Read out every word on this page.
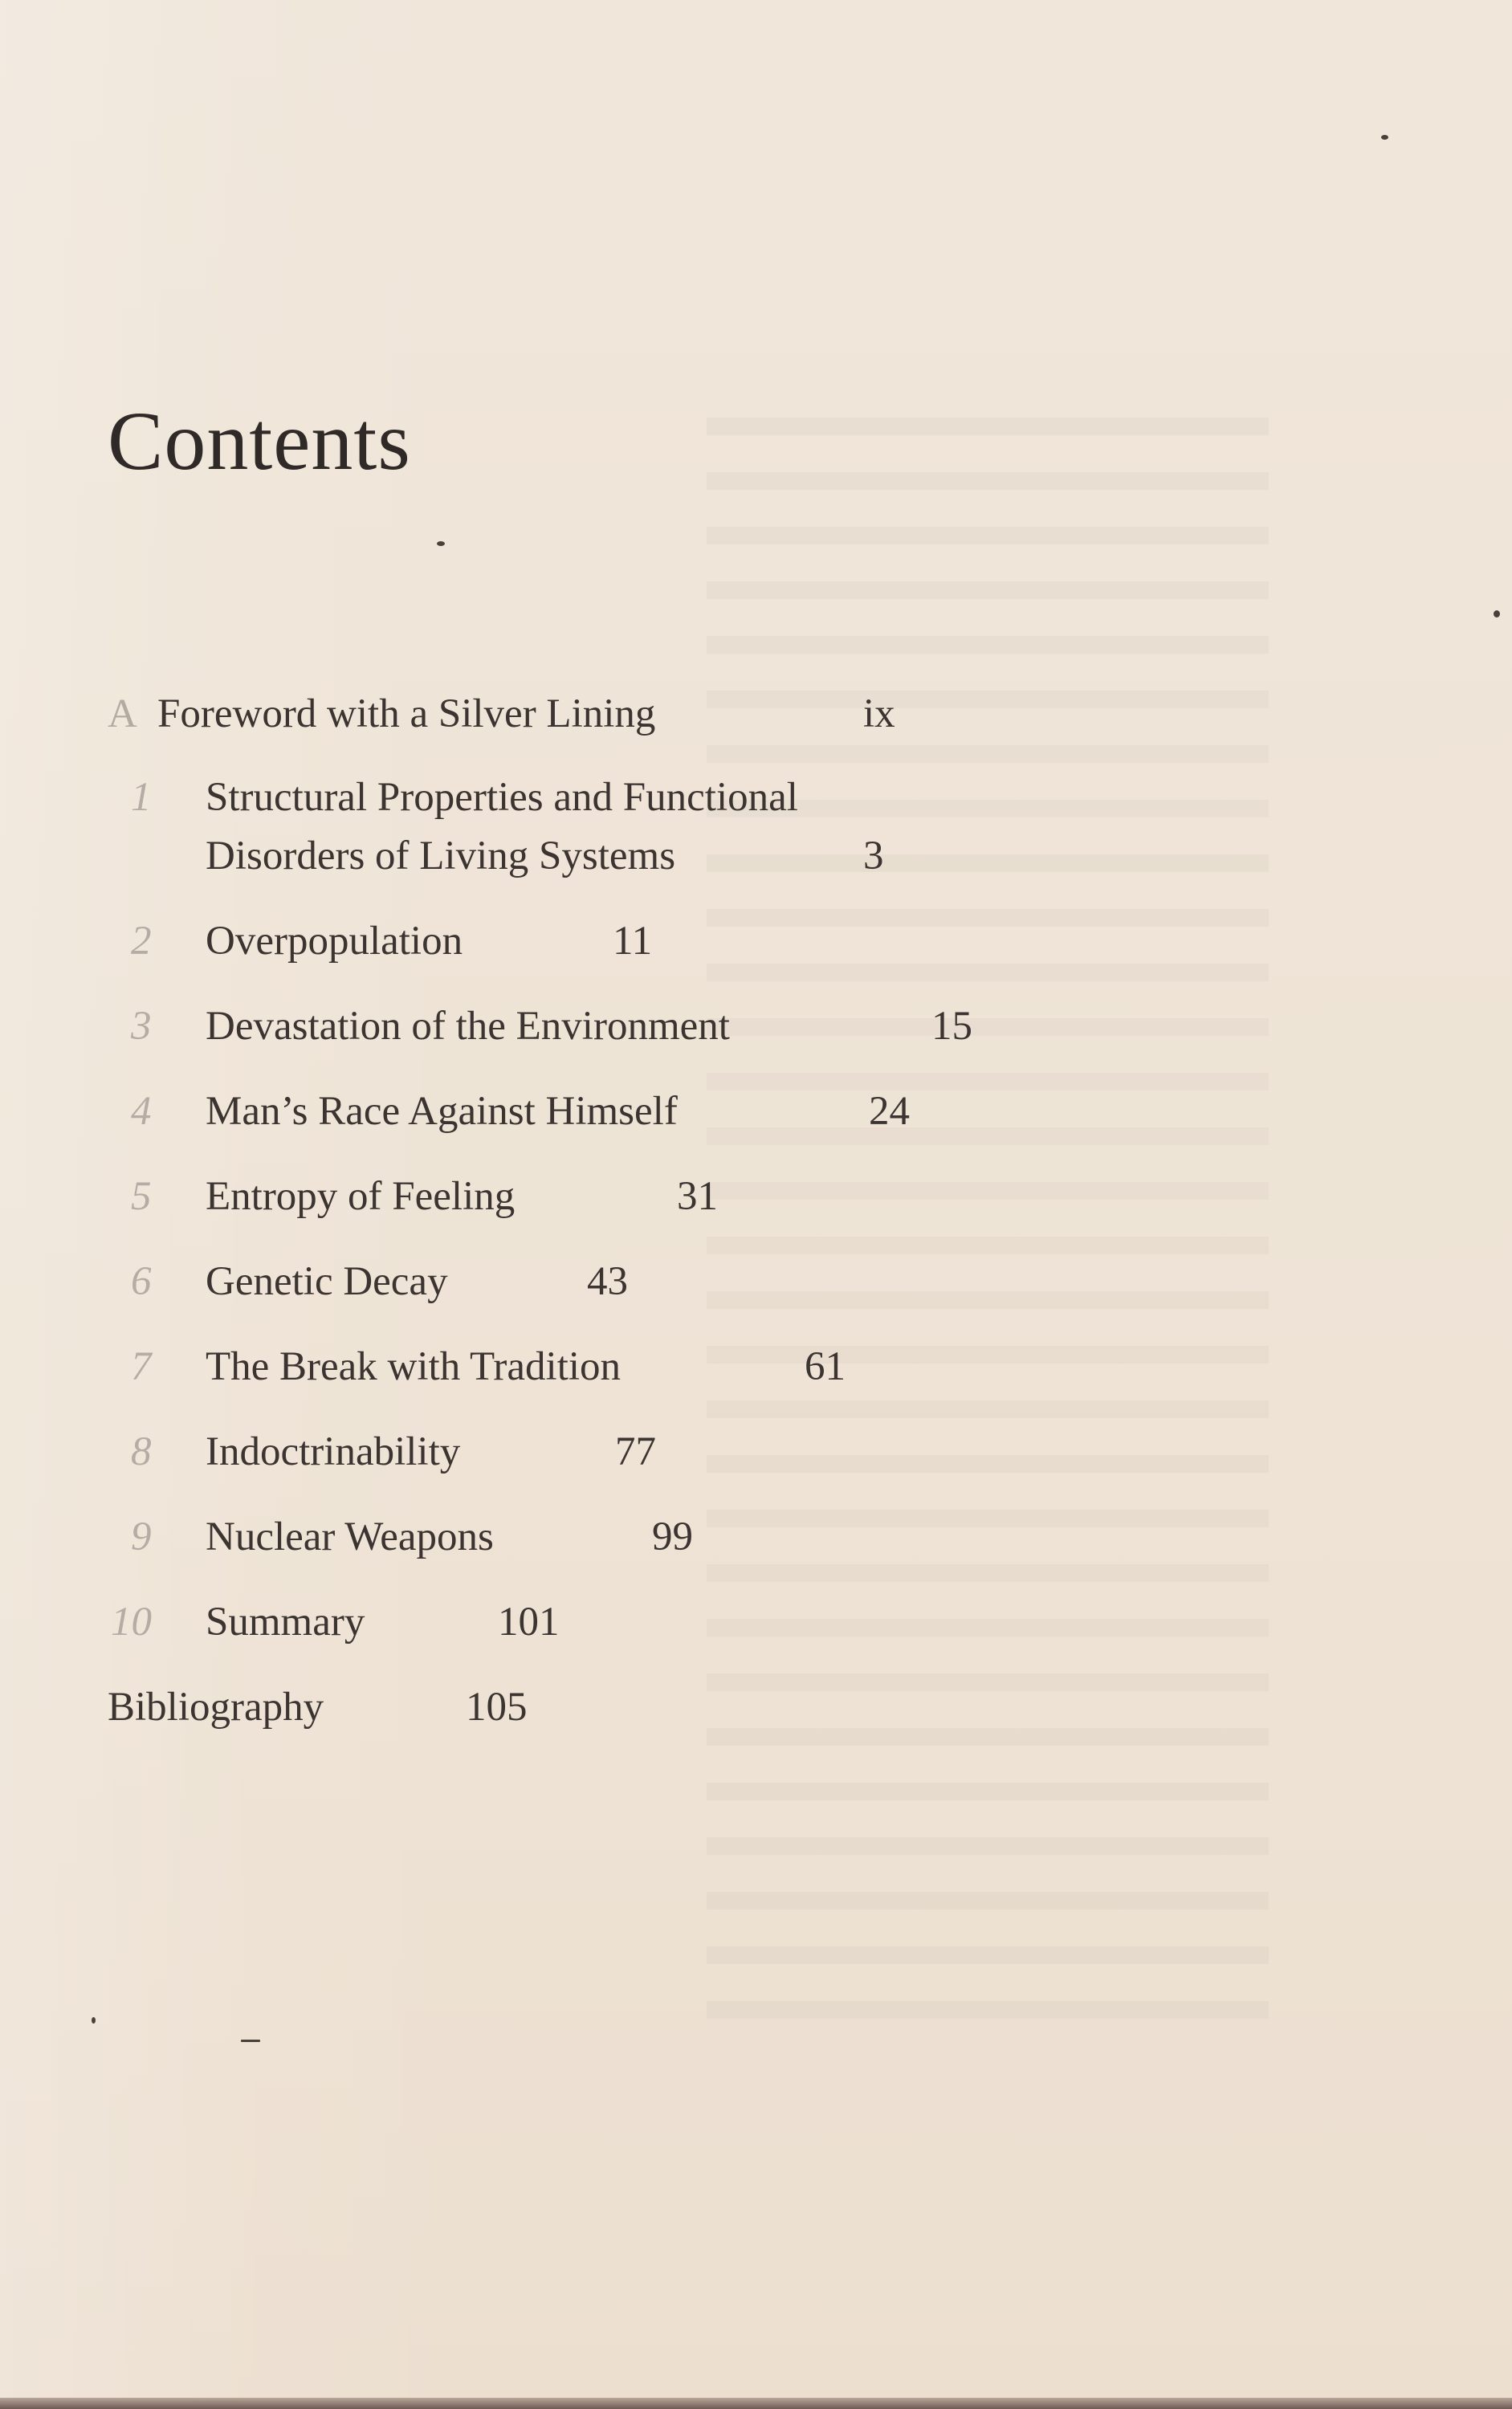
Contents
A Foreword with a Silver Lining	ix
1 Structural Properties and Functional
Disorders of Living Systems	3
2 Overpopulation	11
3 Devastation of the Environment	15
4 Man’s Race Against Himself	24
5 Entropy of Feeling	31
6 Genetic Decay	43
7 The Break with Tradition	61
8 Indoctrinability	77
9 Nuclear Weapons	99
10 Summary	101
Bibliography	105
